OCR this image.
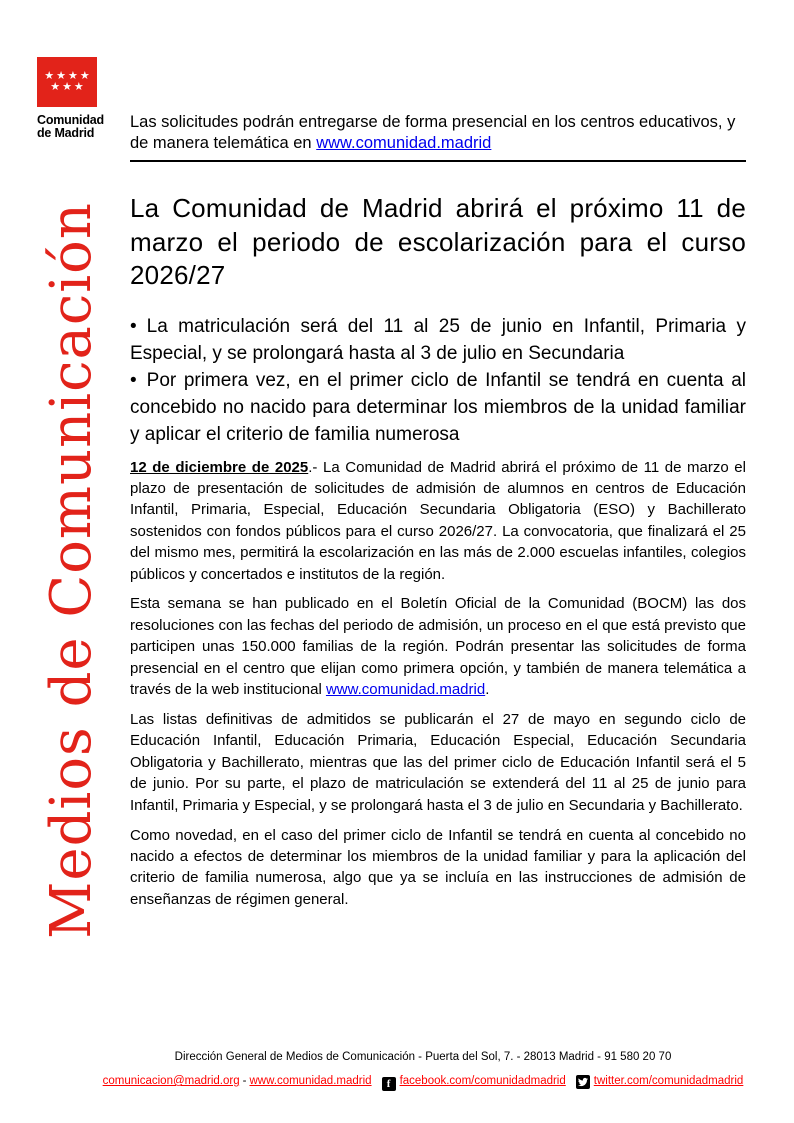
★★★★
★★★
Comunidad
de Madrid
Medios de Comunicación

Las solicitudes podrán entregarse de forma presencial en los centros educativos, y de manera telemática en www.comunidad.madrid

La Comunidad de Madrid abrirá el próximo 11 de marzo el periodo de escolarización para el curso 2026/27

• La matriculación será del 11 al 25 de junio en Infantil, Primaria y Especial, y se prolongará hasta al 3 de julio en Secundaria

• Por primera vez, en el primer ciclo de Infantil se tendrá en cuenta al concebido no nacido para determinar los miembros de la unidad familiar y aplicar el criterio de familia numerosa

12 de diciembre de 2025.- La Comunidad de Madrid abrirá el próximo de 11 de marzo el plazo de presentación de solicitudes de admisión de alumnos en centros de Educación Infantil, Primaria, Especial, Educación Secundaria Obligatoria (ESO) y Bachillerato sostenidos con fondos públicos para el curso 2026/27. La convocatoria, que finalizará el 25 del mismo mes, permitirá la escolarización en las más de 2.000 escuelas infantiles, colegios públicos y concertados e institutos de la región.

Esta semana se han publicado en el Boletín Oficial de la Comunidad (BOCM) las dos resoluciones con las fechas del periodo de admisión, un proceso en el que está previsto que participen unas 150.000 familias de la región. Podrán presentar las solicitudes de forma presencial en el centro que elijan como primera opción, y también de manera telemática a través de la web institucional www.comunidad.madrid.

Las listas definitivas de admitidos se publicarán el 27 de mayo en segundo ciclo de Educación Infantil, Educación Primaria, Educación Especial, Educación Secundaria Obligatoria y Bachillerato, mientras que las del primer ciclo de Educación Infantil será el 5 de junio. Por su parte, el plazo de matriculación se extenderá del 11 al 25 de junio para Infantil, Primaria y Especial, y se prolongará hasta el 3 de julio en Secundaria y Bachillerato.

Como novedad, en el caso del primer ciclo de Infantil se tendrá en cuenta al concebido no nacido a efectos de determinar los miembros de la unidad familiar y para la aplicación del criterio de familia numerosa, algo que ya se incluía en las instrucciones de admisión de enseñanzas de régimen general.

Dirección General de Medios de Comunicación - Puerta del Sol, 7. - 28013 Madrid - 91 580 20 70
comunicacion@madrid.org - www.comunidad.madrid f facebook.com/comunidadmadrid twitter.com/comunidadmadrid
